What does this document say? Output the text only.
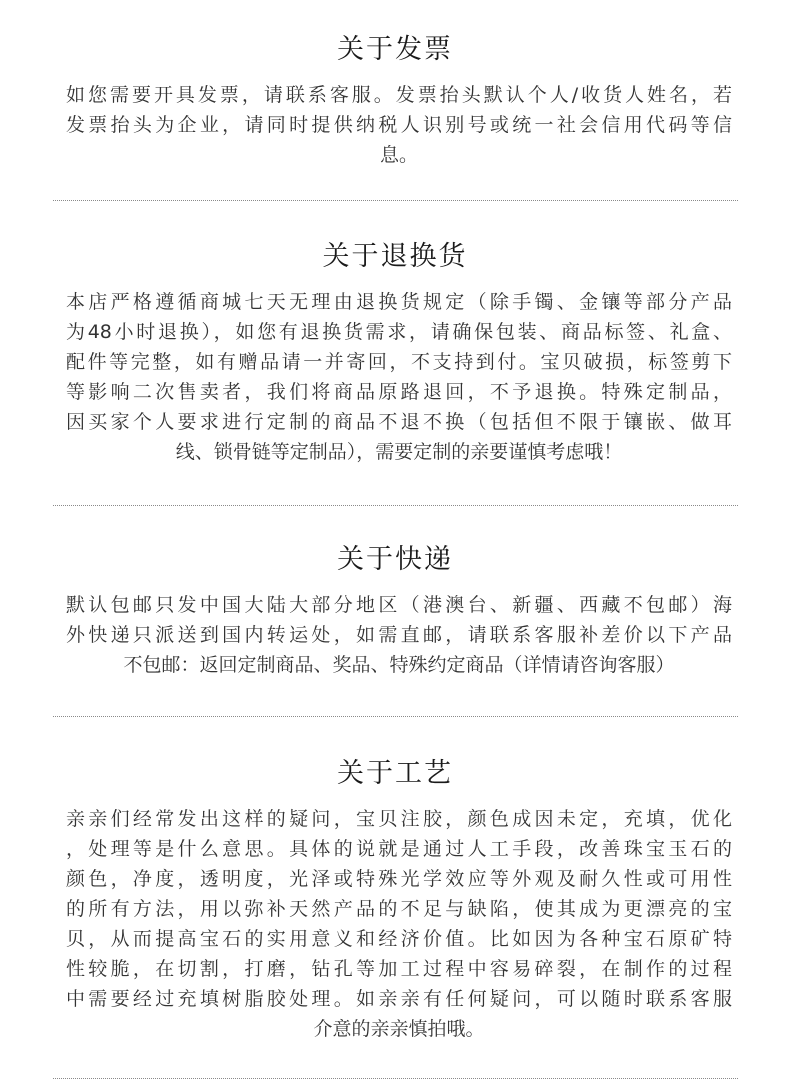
关于发票
如您需要开具发票，请联系客服。发票抬头默认个人/收货人姓名，若
发票抬头为企业，请同时提供纳税人识别号或统一社会信用代码等信
息。
关于退换货
本店严格遵循商城七天无理由退换货规定（除手镯、金镶等部分产品
为48小时退换），如您有退换货需求，请确保包装、商品标签、礼盒、
配件等完整，如有赠品请一并寄回，不支持到付。宝贝破损，标签剪下
等影响二次售卖者，我们将商品原路退回，不予退换。特殊定制品，
因买家个人要求进行定制的商品不退不换（包括但不限于镶嵌、做耳
线、锁骨链等定制品），需要定制的亲要谨慎考虑哦！
关于快递
默认包邮只发中国大陆大部分地区（港澳台、新疆、西藏不包邮）海
外快递只派送到国内转运处，如需直邮，请联系客服补差价以下产品
不包邮：返回定制商品、奖品、特殊约定商品（详情请咨询客服）
关于工艺
亲亲们经常发出这样的疑问，宝贝注胶，颜色成因未定，充填，优化
，处理等是什么意思。具体的说就是通过人工手段，改善珠宝玉石的
颜色，净度，透明度，光泽或特殊光学效应等外观及耐久性或可用性
的所有方法，用以弥补天然产品的不足与缺陷，使其成为更漂亮的宝
贝，从而提高宝石的实用意义和经济价值。比如因为各种宝石原矿特
性较脆，在切割，打磨，钻孔等加工过程中容易碎裂，在制作的过程
中需要经过充填树脂胶处理。如亲亲有任何疑问，可以随时联系客服
介意的亲亲慎拍哦。
